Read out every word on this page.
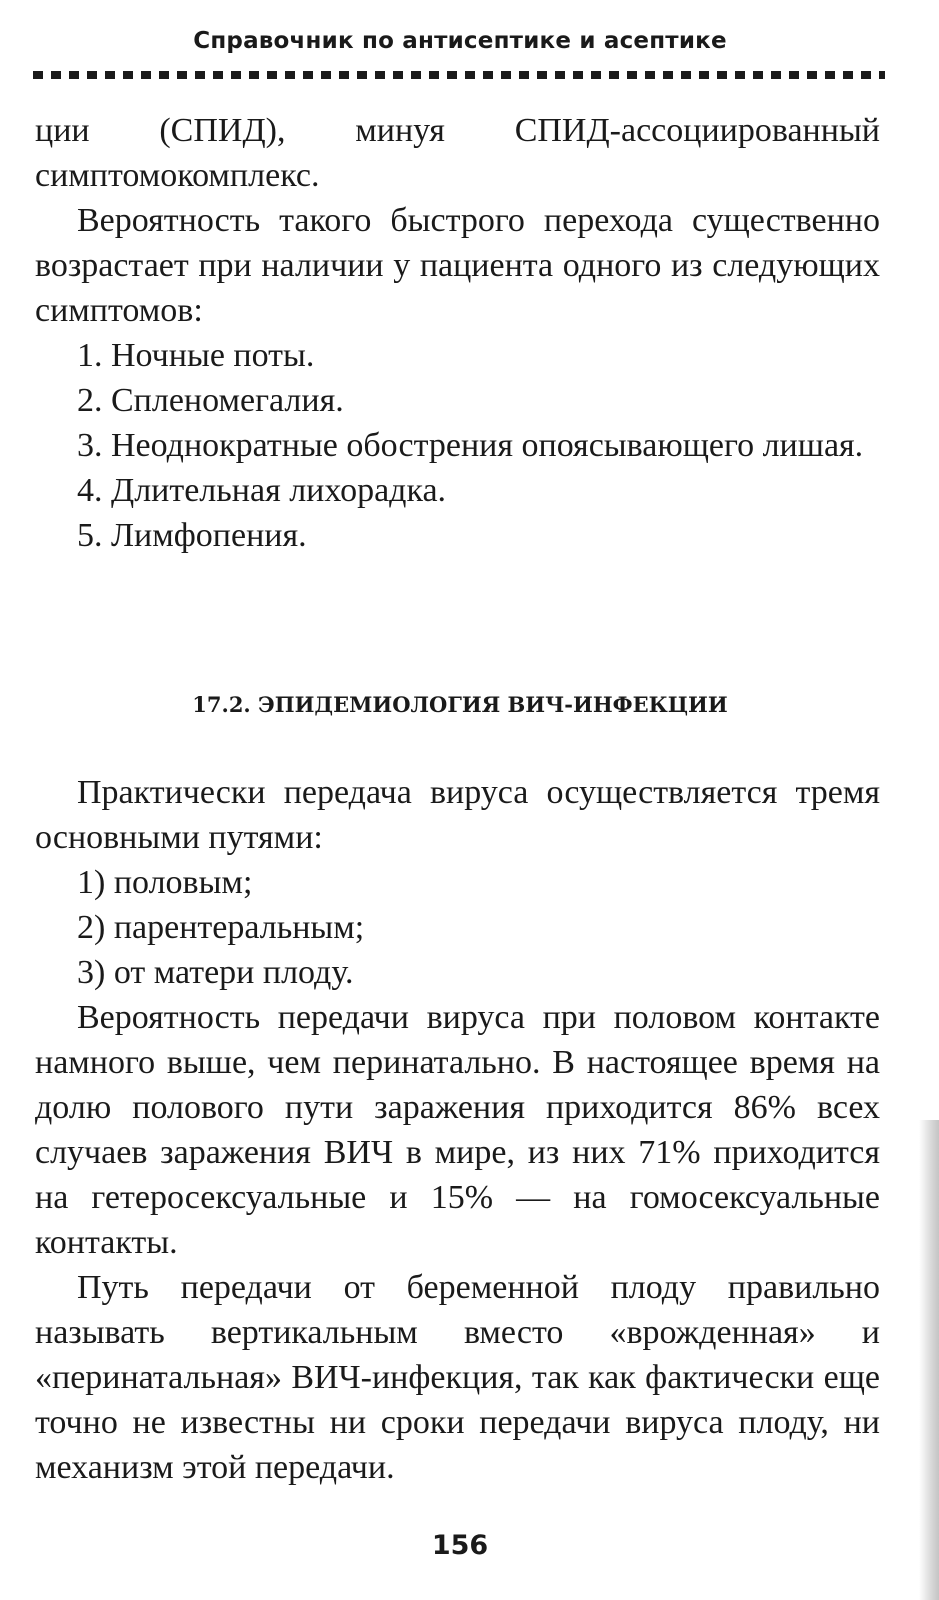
Справочник по антисептике и асептике

ции (СПИД), минуя СПИД-ассоциированный симптомокомплекс.

Вероятность такого быстрого перехода существенно возрастает при наличии у пациента одного из следующих симптомов:

1. Ночные поты.

2. Спленомегалия.

3. Неоднократные обострения опоясывающего лишая.

4. Длительная лихорадка.

5. Лимфопения.

17.2. ЭПИДЕМИОЛОГИЯ ВИЧ-ИНФЕКЦИИ

Практически передача вируса осуществляется тремя основными путями:

1) половым;

2) парентеральным;

3) от матери плоду.

Вероятность передачи вируса при половом контакте намного выше, чем перинатально. В настоящее время на долю полового пути заражения приходится 86% всех случаев заражения ВИЧ в мире, из них 71% приходится на гетеросексуальные и 15% — на гомосексуальные контакты.

Путь передачи от беременной плоду правильно называть вертикальным вместо «врожденная» и «перинатальная» ВИЧ-инфекция, так как фактически еще точно не известны ни сроки передачи вируса плоду, ни механизм этой передачи.

156
